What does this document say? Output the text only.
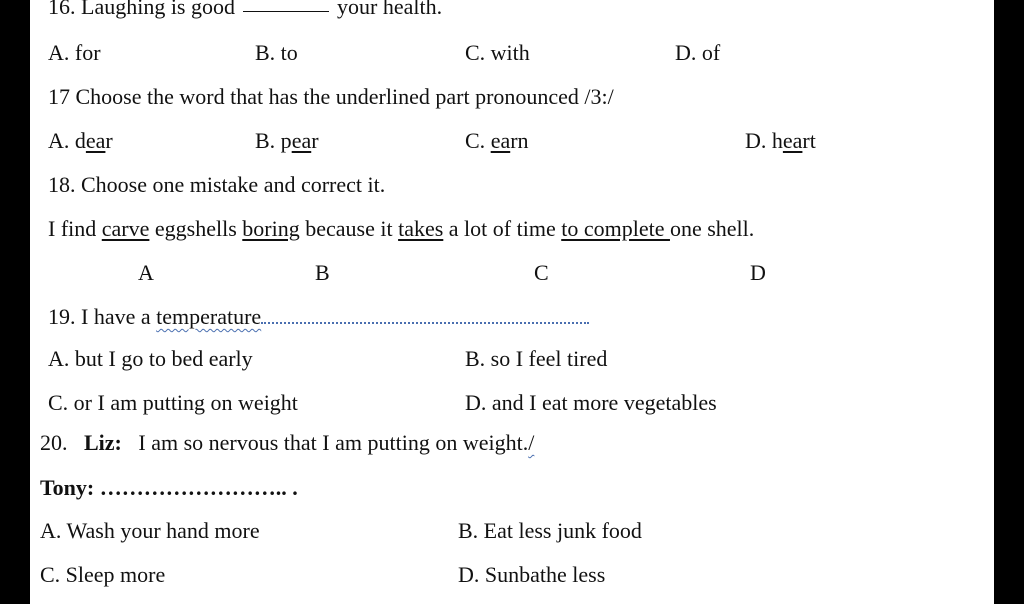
16. Laughing is good	your health.
A. for	B. to	C. with	D. of
17 Choose the word that has the underlined part pronounced /3:/
A. dear	B. pear	C. earn	D. heart
18. Choose one mistake and correct it.
I find carve eggshells boring because it takes a lot of time to complete one shell.
A	B	C	D
19. I have a temperature
A. but I go to bed early	B. so I feel tired
C. or I am putting on weight	D. and I eat more vegetables
20. Liz: I am so nervous that I am putting on weight./
Tony: …………………….. .
A. Wash your hand more	B. Eat less junk food
C. Sleep more	D. Sunbathe less
